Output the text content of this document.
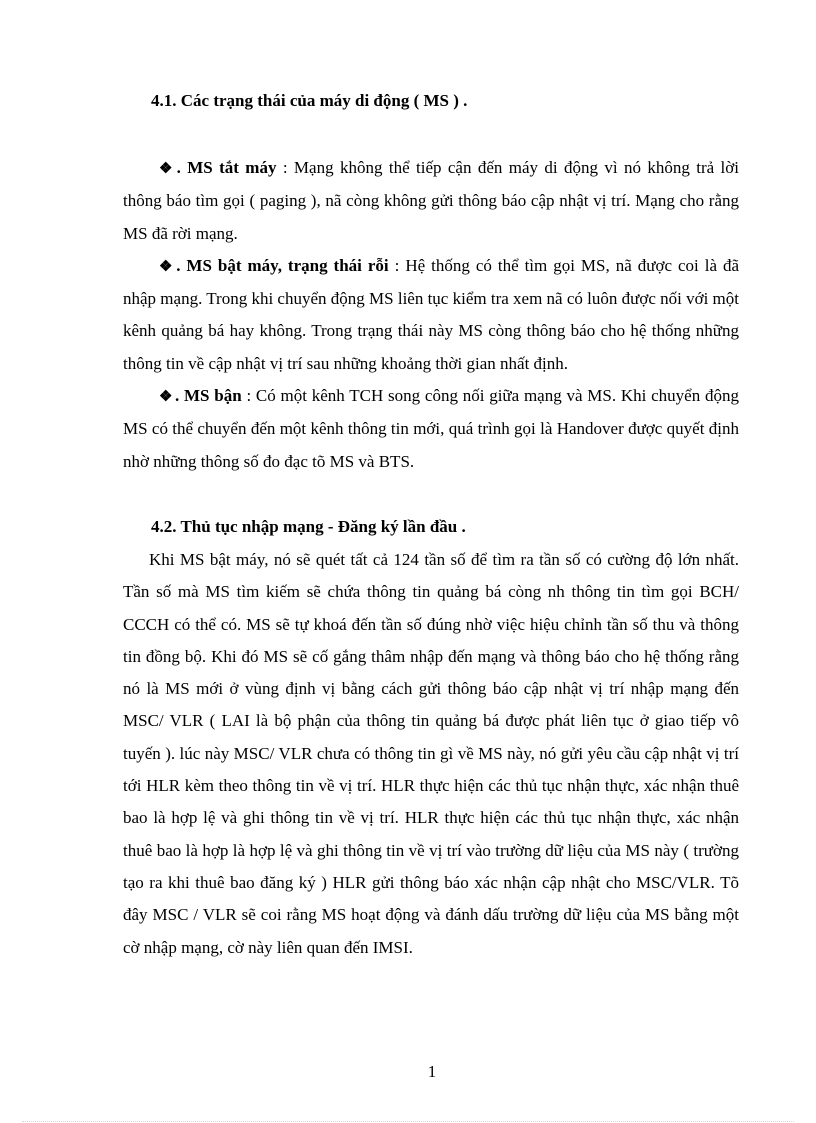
4.1. Các trạng thái của máy di động ( MS ) .

❖ . MS tắt máy : Mạng không thể tiếp cận đến máy di động vì nó không trả lời thông báo tìm gọi ( paging ), nã còng không gửi thông báo cập nhật vị trí. Mạng cho rằng MS đã rời mạng.

❖ . MS bật máy, trạng thái rỗi : Hệ thống có thể tìm gọi MS, nã được coi là đã nhập mạng. Trong khi chuyển động MS liên tục kiểm tra xem nã có luôn được nối với một kênh quảng bá hay không. Trong trạng thái này MS còng thông báo cho hệ thống những thông tin về cập nhật vị trí sau những khoảng thời gian nhất định.

❖ . MS bận : Có một kênh TCH song công nối giữa mạng và MS. Khi chuyển động MS có thể chuyển đến một kênh thông tin mới, quá trình gọi là Handover được quyết định nhờ những thông số đo đạc tõ MS và BTS.

4.2. Thủ tục nhập mạng - Đăng ký lần đầu .

Khi MS bật máy, nó sẽ quét tất cả 124 tần số để tìm ra tần số có cường độ lớn nhất. Tần số mà MS tìm kiếm sẽ chứa thông tin quảng bá còng nh thông tin tìm gọi BCH/ CCCH có thể có. MS sẽ tự khoá đến tần số đúng nhờ việc hiệu chỉnh tần số thu và thông tin đồng bộ. Khi đó MS sẽ cố gắng thâm nhập đến mạng và thông báo cho hệ thống rằng nó là MS mới ở vùng định vị bằng cách gửi thông báo cập nhật vị trí nhập mạng đến MSC/ VLR ( LAI là bộ phận của thông tin quảng bá được phát liên tục ở giao tiếp vô tuyến ). lúc này MSC/ VLR chưa có thông tin gì về MS này, nó gửi yêu cầu cập nhật vị trí tới HLR kèm theo thông tin về vị trí. HLR thực hiện các thủ tục nhận thực, xác nhận thuê bao là hợp lệ và ghi thông tin về vị trí. HLR thực hiện các thủ tục nhận thực, xác nhận thuê bao là hợp là hợp lệ và ghi thông tin về vị trí vào trường dữ liệu của MS này ( trường tạo ra khi thuê bao đăng ký ) HLR gửi thông báo xác nhận cập nhật cho MSC/VLR. Tõ đây MSC / VLR sẽ coi rằng MS hoạt động và đánh dấu trường dữ liệu của MS bằng một cờ nhập mạng, cờ này liên quan đến IMSI.

1
